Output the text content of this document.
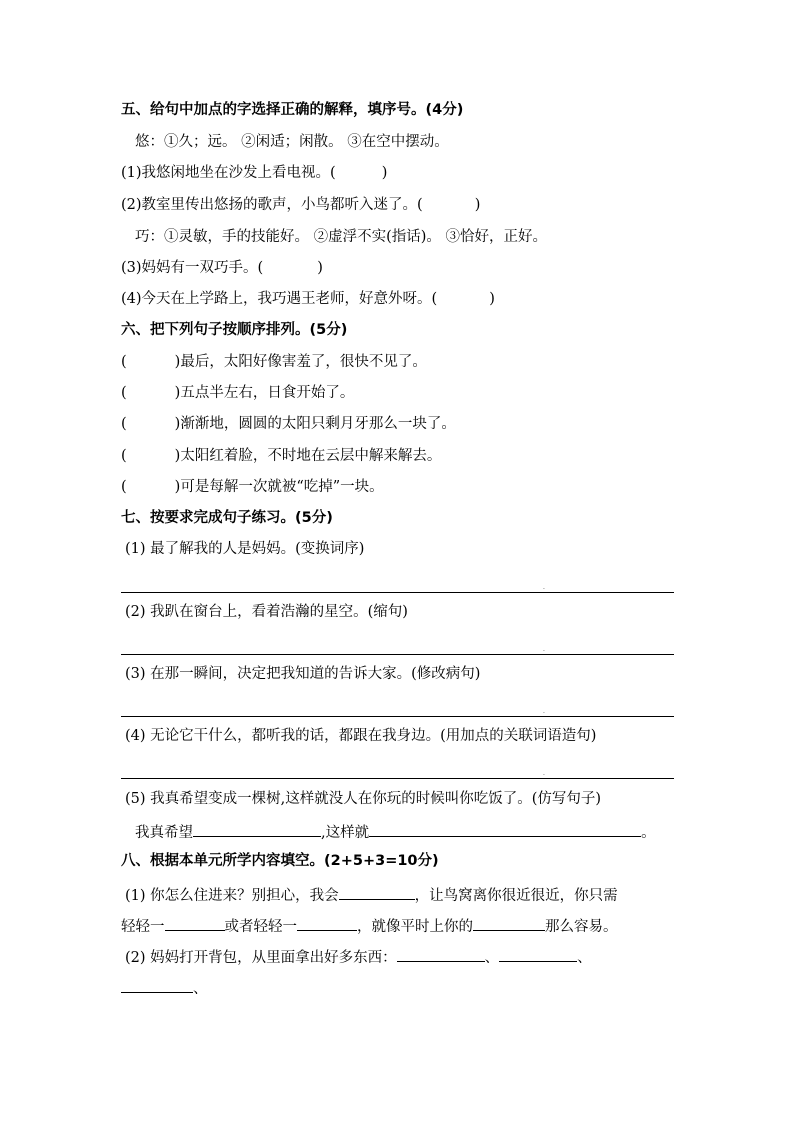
五、给句中加点的字选择正确的解释，填序号。(4分)
悠：①久；远。 ②闲适；闲散。 ③在空中摆动。
(1)我悠闲地坐在沙发上看电视。(	)
(2)教室里传出悠扬的歌声，小鸟都听入迷了。(	)
巧：①灵敏，手的技能好。 ②虚浮不实(指话)。 ③恰好，正好。
(3)妈妈有一双巧手。(	)
(4)今天在上学路上，我巧遇王老师，好意外呀。(	)
六、把下列句子按顺序排列。(5分)
(	)最后，太阳好像害羞了，很快不见了。
(	)五点半左右，日食开始了。
(	)渐渐地，圆圆的太阳只剩月牙那么一块了。
(	)太阳红着脸，不时地在云层中解来解去。
(	)可是每解一次就被“吃掉”一块。
七、按要求完成句子练习。(5分)
(1) 最了解我的人是妈妈。(变换词序)
.
(2) 我趴在窗台上，看着浩瀚的星空。(缩句)
.
(3) 在那一瞬间，决定把我知道的告诉大家。(修改病句)
.
(4) 无论它干什么，都听我的话，都跟在我身边。(用加点的关联词语造句)
.
(5) 我真希望变成一棵树,这样就没人在你玩的时候叫你吃饭了。(仿写句子)
我真希望	,这样就	。
八、根据本单元所学内容填空。(2+5+3=10分)
(1) 你怎么住进来？别担心，我会	，让鸟窝离你很近很近，你只需
轻轻一	或者轻轻一	，就像平时上你的	那么容易。
(2) 妈妈打开背包，从里面拿出好多东西：	、	、
、
